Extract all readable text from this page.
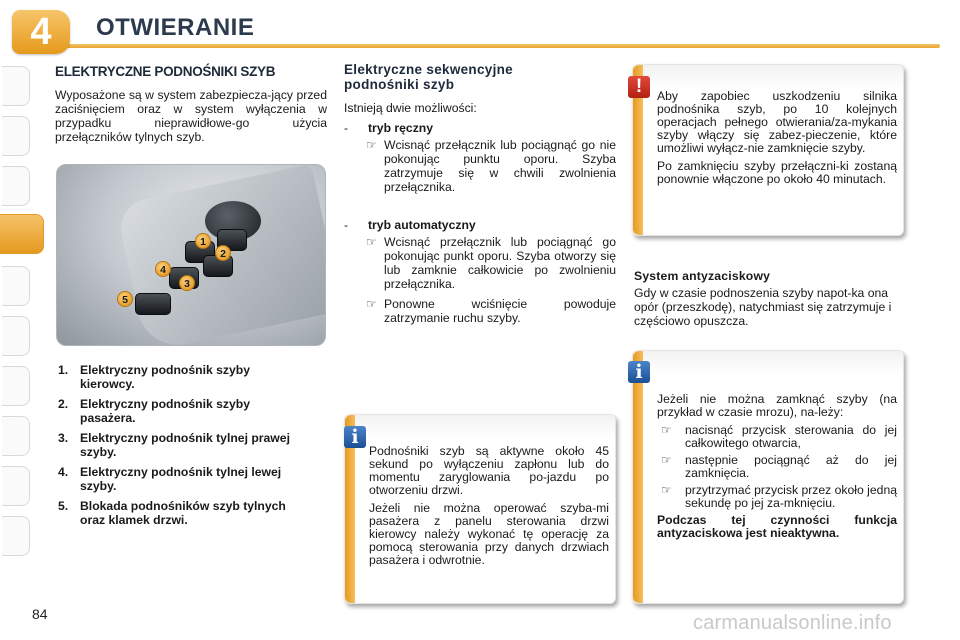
4	OTWIERANIE
ELEKTRYCZNE PODNOŚNIKI SZYB
Wyposażone są w system zabezpiecza-jący przed zaciśnięciem oraz w system wyłączenia w przypadku nieprawidłowe-go użycia przełączników tylnych szyb.
1
2
3
4
5
1. Elektryczny podnośnik szyby kierowcy.
2. Elektryczny podnośnik szyby pasażera.
3. Elektryczny podnośnik tylnej prawej szyby.
4. Elektryczny podnośnik tylnej lewej szyby.
5. Blokada podnośników szyb tylnych oraz klamek drzwi.
Elektryczne sekwencyjne podnośniki szyb
Istnieją dwie możliwości:
- tryb ręczny
☞ Wcisnąć przełącznik lub pociągnąć go nie pokonując punktu oporu. Szyba zatrzymuje się w chwili zwolnienia przełącznika.
- tryb automatyczny
☞ Wcisnąć przełącznik lub pociągnąć go pokonując punkt oporu. Szyba otworzy się lub zamknie całkowicie po zwolnieniu przełącznika.
☞ Ponowne wciśnięcie powoduje zatrzymanie ruchu szyby.

Podnośniki szyb są aktywne około 45 sekund po wyłączeniu zapłonu lub do momentu zaryglowania po-jazdu po otworzeniu drzwi.

Jeżeli nie można operować szyba-mi pasażera z panelu sterowania drzwi kierowcy należy wykonać tę operację za pomocą sterowania przy danych drzwiach pasażera i odwrotnie.

i

Aby zapobiec uszkodzeniu silnika podnośnika szyb, po 10 kolejnych operacjach pełnego otwierania/za-mykania szyby włączy się zabez-pieczenie, które umożliwi wyłącz-nie zamknięcie szyby.

Po zamknięciu szyby przełączni-ki zostaną ponownie włączone po około 40 minutach.

!
System antyzaciskowy
Gdy w czasie podnoszenia szyby napot-ka ona opór (przeszkodę), natychmiast się zatrzymuje i częściowo opuszcza.

Jeżeli nie można zamknąć szyby (na przykład w czasie mrozu), na-leży:

☞ nacisnąć przycisk sterowania do jej całkowitego otwarcia,
☞ następnie pociągnąć aż do jej zamknięcia.
☞ przytrzymać przycisk przez około jedną sekundę po jej za-mknięciu.

Podczas tej czynności funkcja antyzaciskowa jest nieaktywna.

i
84	carmanualsonline.info
